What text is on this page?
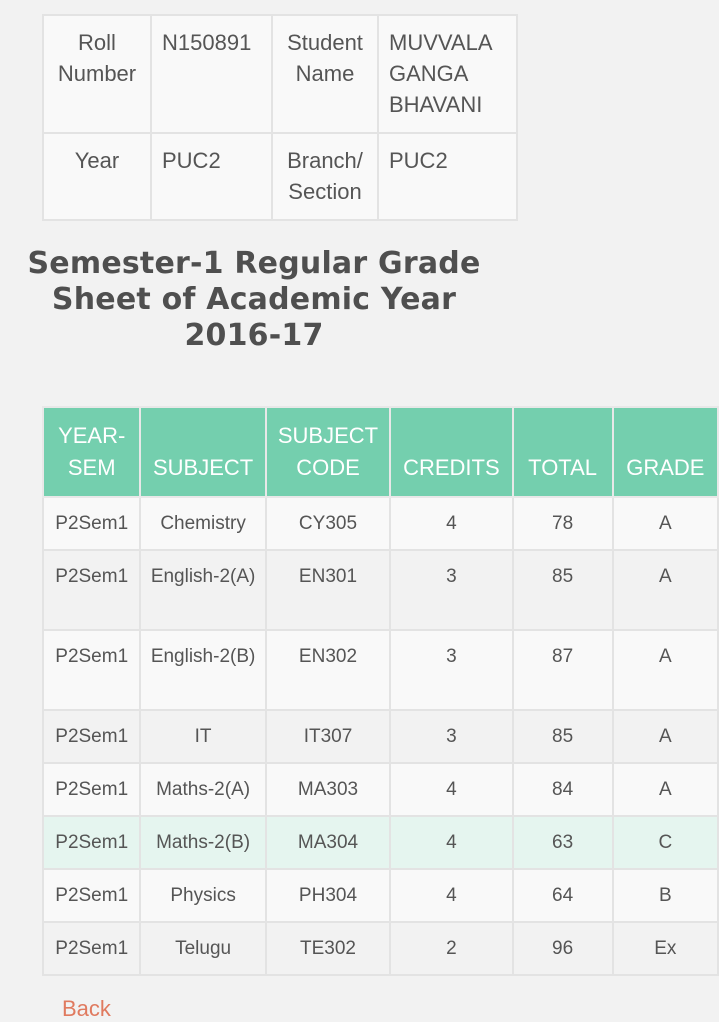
Roll Number	N150891	Student Name	MUVVALA GANGA BHAVANI
Year	PUC2	Branch/ Section	PUC2
Semester-1 Regular Grade Sheet of Academic Year 2016-17
YEAR-SEM	SUBJECT	SUBJECT CODE	CREDITS	TOTAL	GRADE
P2Sem1	Chemistry	CY305	4	78	A
P2Sem1	English-2(A)	EN301	3	85	A
P2Sem1	English-2(B)	EN302	3	87	A
P2Sem1	IT	IT307	3	85	A
P2Sem1	Maths-2(A)	MA303	4	84	A
P2Sem1	Maths-2(B)	MA304	4	63	C
P2Sem1	Physics	PH304	4	64	B
P2Sem1	Telugu	TE302	2	96	Ex
Back
